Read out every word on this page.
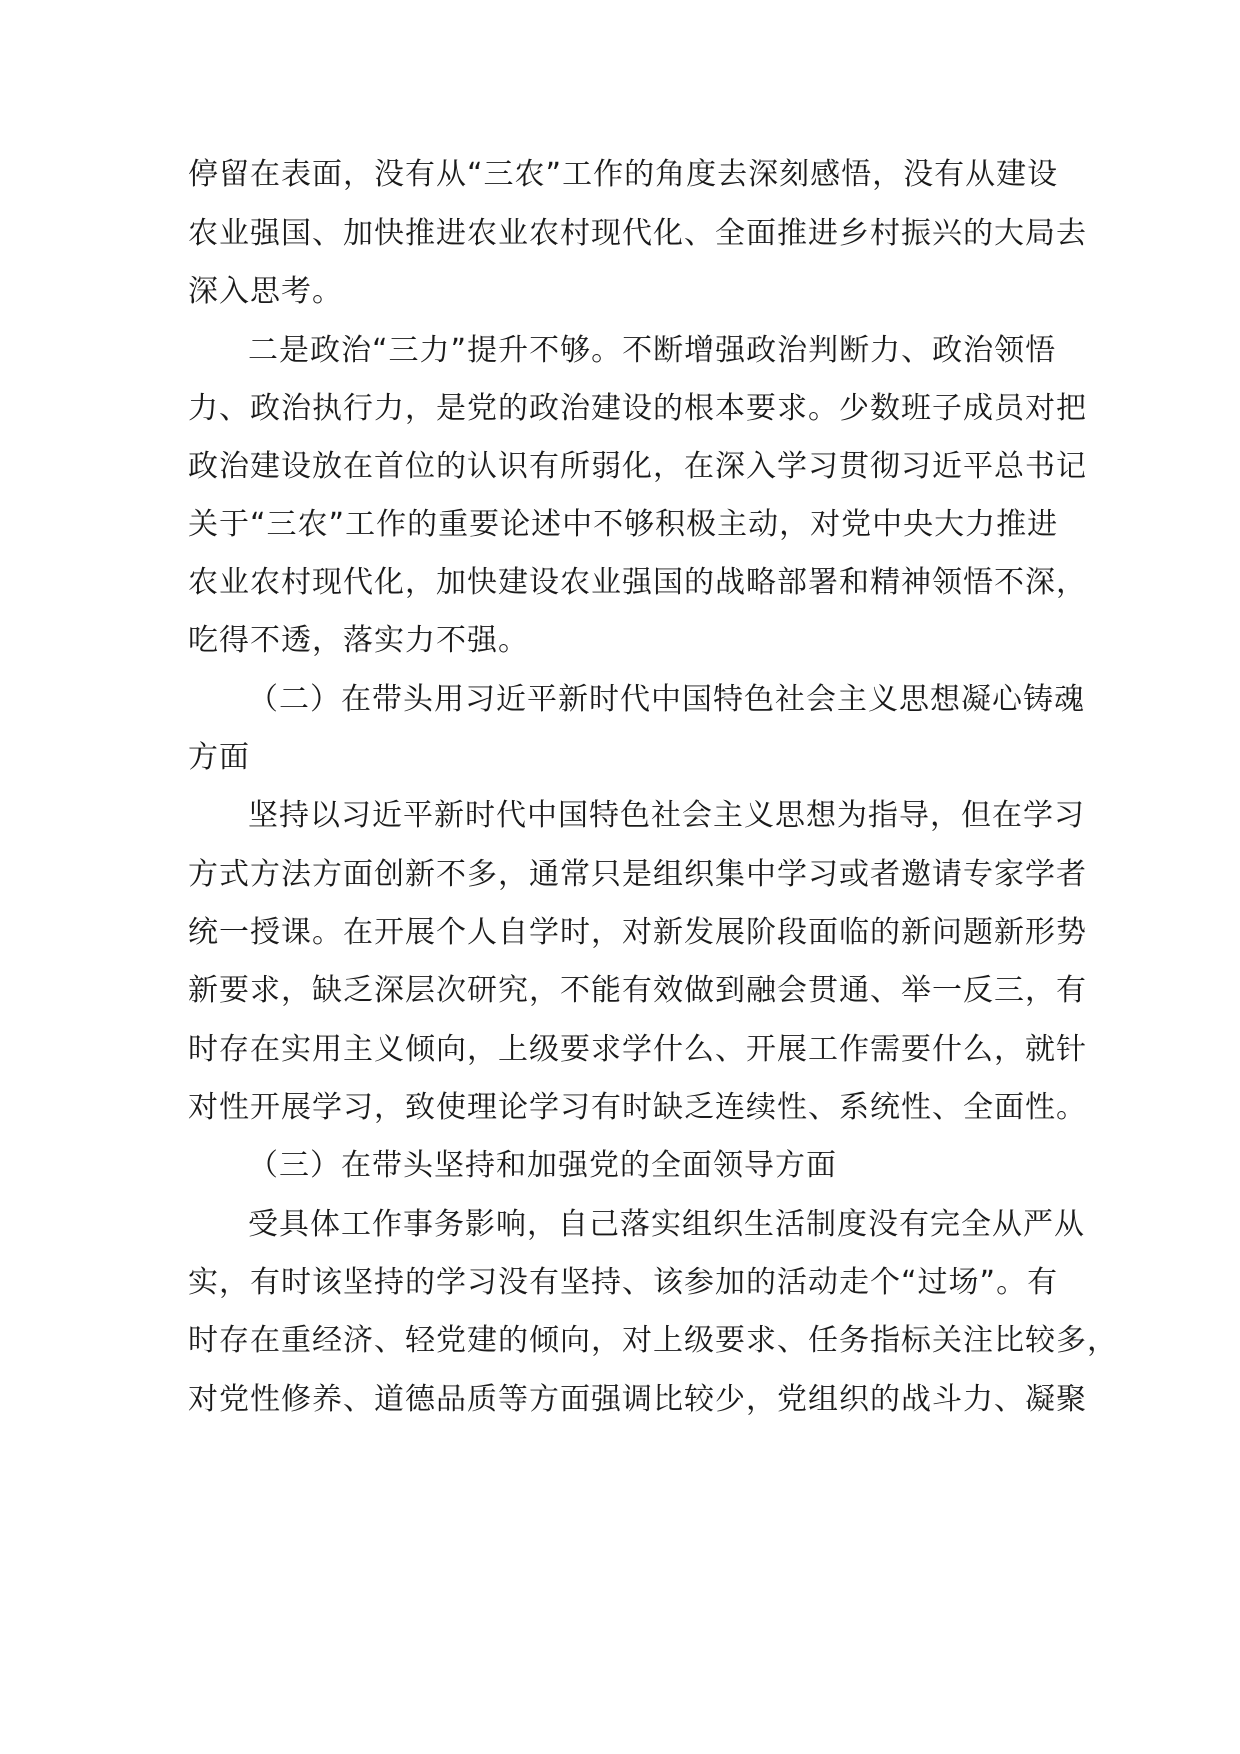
停留在表面，没有从“三农”工作的角度去深刻感悟，没有从建设
农业强国、加快推进农业农村现代化、全面推进乡村振兴的大局去
深入思考。
二是政治“三力”提升不够。不断增强政治判断力、政治领悟
力、政治执行力，是党的政治建设的根本要求。少数班子成员对把
政治建设放在首位的认识有所弱化，在深入学习贯彻习近平总书记
关于“三农”工作的重要论述中不够积极主动，对党中央大力推进
农业农村现代化，加快建设农业强国的战略部署和精神领悟不深，
吃得不透，落实力不强。
（二）在带头用习近平新时代中国特色社会主义思想凝心铸魂
方面
坚持以习近平新时代中国特色社会主义思想为指导，但在学习
方式方法方面创新不多，通常只是组织集中学习或者邀请专家学者
统一授课。在开展个人自学时，对新发展阶段面临的新问题新形势
新要求，缺乏深层次研究，不能有效做到融会贯通、举一反三，有
时存在实用主义倾向，上级要求学什么、开展工作需要什么，就针
对性开展学习，致使理论学习有时缺乏连续性、系统性、全面性。
（三）在带头坚持和加强党的全面领导方面
受具体工作事务影响，自己落实组织生活制度没有完全从严从
实，有时该坚持的学习没有坚持、该参加的活动走个“过场”。有
时存在重经济、轻党建的倾向，对上级要求、任务指标关注比较多，
对党性修养、道德品质等方面强调比较少，党组织的战斗力、凝聚
